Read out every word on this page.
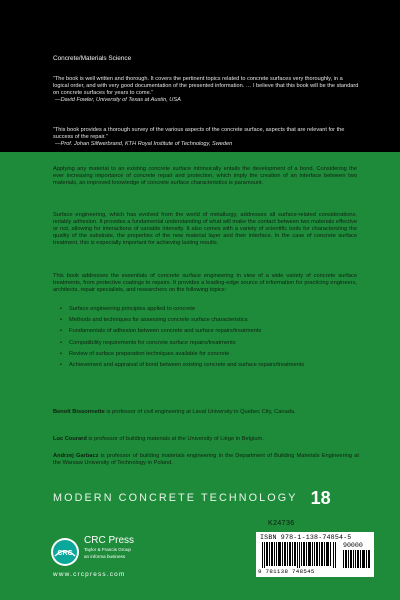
Concrete/Materials Science
“The book is well written and thorough. It covers the pertinent topics related to concrete surfaces very thoroughly, in a logical order, and with very good documentation of the presented information. … I believe that this book will be the standard on concrete surfaces for years to come.”
—David Fowler, University of Texas at Austin, USA
“This book provides a thorough survey of the various aspects of the concrete surface, aspects that are relevant for the success of the repair.”
—Prof. Johan Silfwerbrand, KTH Royal Institute of Technology, Sweden

Applying any material to an existing concrete surface intrinsically entails the development of a bond. Considering the ever increasing importance of concrete repair and protection, which imply the creation of an interface between two materials, an improved knowledge of concrete surface characteristics is paramount.

Surface engineering, which has evolved from the world of metallurgy, addresses all surface-related considerations, notably adhesion. It provides a fundamental understanding of what will make the contact between two materials effective or not, allowing for interactions of variable intensity. It also comes with a variety of scientific tools for characterizing the quality of the substrate, the properties of the new material layer and their interface. In the case of concrete surface treatment, this is especially important for achieving lasting results.

This book addresses the essentials of concrete surface engineering in view of a wide variety of concrete surface treatments, from protective coatings to repairs. It provides a leading-edge source of information for practicing engineers, architects, repair specialists, and researchers on the following topics:

• Surface engineering principles applied to concrete
• Methods and techniques for assessing concrete surface characteristics
• Fundamentals of adhesion between concrete and surface repairs/treatments
• Compatibility requirements for concrete surface repairs/treatments
• Review of surface preparation techniques available for concrete
• Achievement and appraisal of bond between existing concrete and surface repairs/treatments
Benoît Bissonnette is professor of civil engineering at Laval University in Quebec City, Canada.
Luc Courard is professor of building materials at the University of Liège in Belgium.
Andrzej Garbacz is professor of building materials engineering in the Department of Building Materials Engineering at the Warsaw University of Technology in Poland.
MODERN CONCRETE TECHNOLOGY 18
K24736
ISBN 978-1-138-74854-5
90000
9 781138 748545
CRC
CRC Press
Taylor & Francis Group
an informa business
www.crcpress.com
